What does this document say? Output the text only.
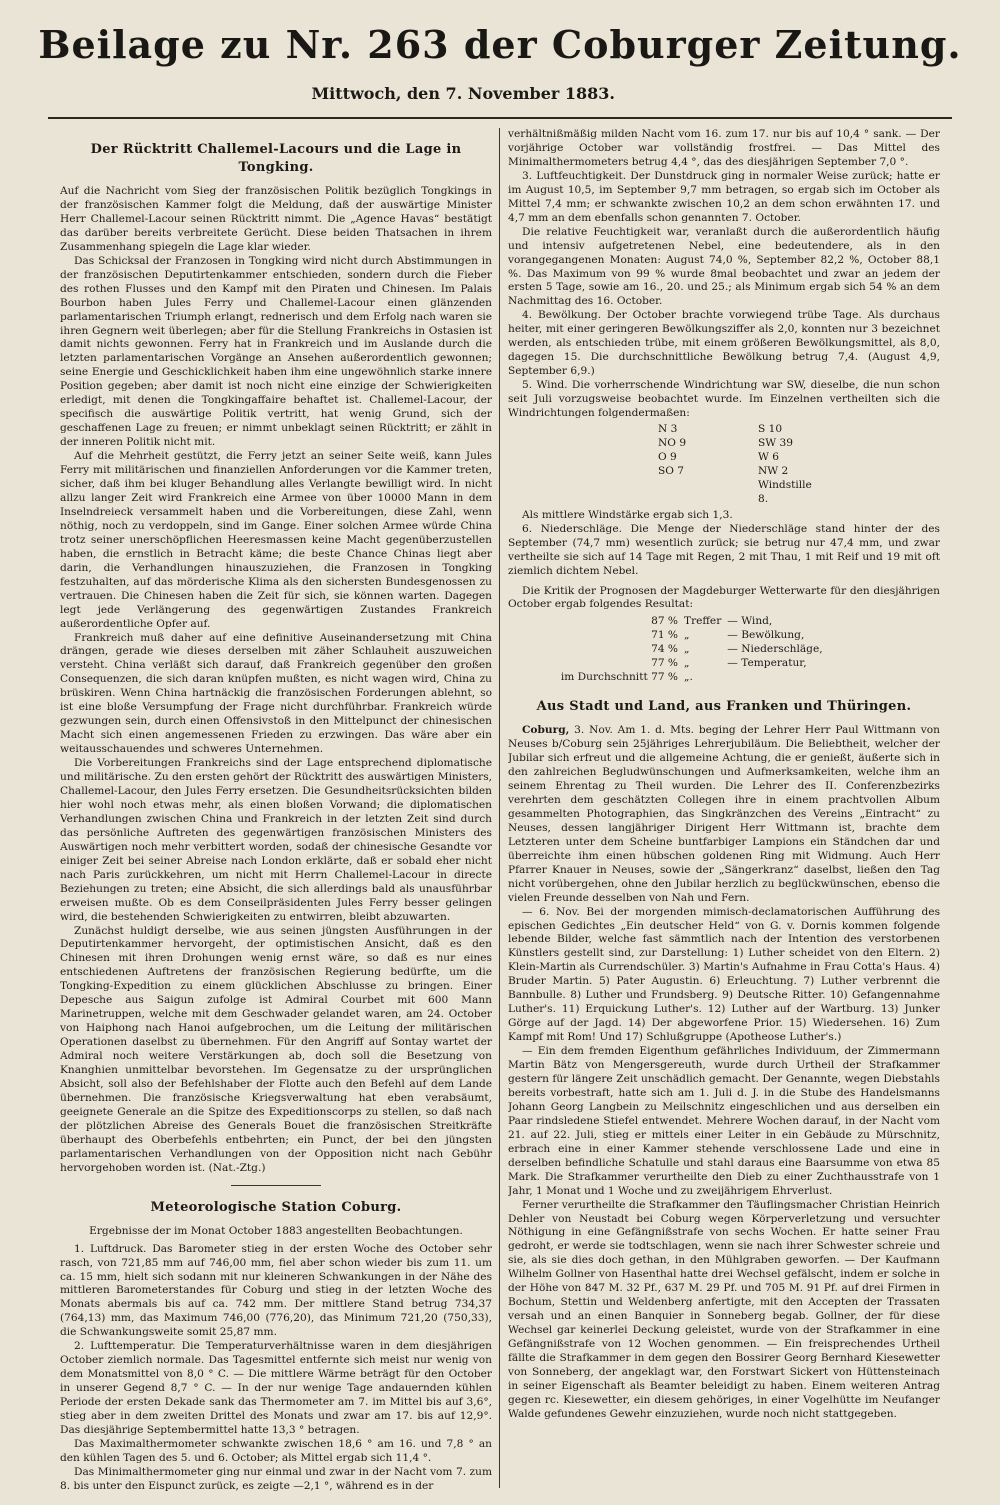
Beilage zu Nr. 263 der Coburger Zeitung.
Mittwoch, den 7. November 1883.
Der Rücktritt Challemel-Lacours und die Lage in Tongking.

Auf die Nachricht vom Sieg der französischen Politik bezüglich Tongkings in der französischen Kammer folgt die Meldung, daß der auswärtige Minister Herr Challemel-Lacour seinen Rücktritt nimmt. Die „Agence Havas“ bestätigt das darüber bereits verbreitete Gerücht. Diese beiden Thatsachen in ihrem Zusammenhang spiegeln die Lage klar wieder.

Das Schicksal der Franzosen in Tongking wird nicht durch Abstimmungen in der französischen Deputirtenkammer entschieden, sondern durch die Fieber des rothen Flusses und den Kampf mit den Piraten und Chinesen. Im Palais Bourbon haben Jules Ferry und Challemel-Lacour einen glänzenden parlamentarischen Triumph erlangt, rednerisch und dem Erfolg nach waren sie ihren Gegnern weit überlegen; aber für die Stellung Frankreichs in Ostasien ist damit nichts gewonnen. Ferry hat in Frankreich und im Auslande durch die letzten parlamentarischen Vorgänge an Ansehen außerordentlich gewonnen; seine Energie und Geschicklichkeit haben ihm eine ungewöhnlich starke innere Position gegeben; aber damit ist noch nicht eine einzige der Schwierigkeiten erledigt, mit denen die Tongkingaffaire behaftet ist. Challemel-Lacour, der specifisch die auswärtige Politik vertritt, hat wenig Grund, sich der geschaffenen Lage zu freuen; er nimmt unbeklagt seinen Rücktritt; er zählt in der inneren Politik nicht mit.

Auf die Mehrheit gestützt, die Ferry jetzt an seiner Seite weiß, kann Jules Ferry mit militärischen und finanziellen Anforderungen vor die Kammer treten, sicher, daß ihm bei kluger Behandlung alles Verlangte bewilligt wird. In nicht allzu langer Zeit wird Frankreich eine Armee von über 10000 Mann in dem Inselndreieck versammelt haben und die Vorbereitungen, diese Zahl, wenn nöthig, noch zu verdoppeln, sind im Gange. Einer solchen Armee würde China trotz seiner unerschöpflichen Heeresmassen keine Macht gegenüberzustellen haben, die ernstlich in Betracht käme; die beste Chance Chinas liegt aber darin, die Verhandlungen hinauszuziehen, die Franzosen in Tongking festzuhalten, auf das mörderische Klima als den sichersten Bundesgenossen zu vertrauen. Die Chinesen haben die Zeit für sich, sie können warten. Dagegen legt jede Verlängerung des gegenwärtigen Zustandes Frankreich außerordentliche Opfer auf.

Frankreich muß daher auf eine definitive Auseinandersetzung mit China drängen, gerade wie dieses derselben mit zäher Schlauheit auszuweichen versteht. China verläßt sich darauf, daß Frankreich gegenüber den großen Consequenzen, die sich daran knüpfen mußten, es nicht wagen wird, China zu brüskiren. Wenn China hartnäckig die französischen Forderungen ablehnt, so ist eine bloße Versumpfung der Frage nicht durchführbar. Frankreich würde gezwungen sein, durch einen Offensivstoß in den Mittelpunct der chinesischen Macht sich einen angemessenen Frieden zu erzwingen. Das wäre aber ein weitausschauendes und schweres Unternehmen.

Die Vorbereitungen Frankreichs sind der Lage entsprechend diplomatische und militärische. Zu den ersten gehört der Rücktritt des auswärtigen Ministers, Challemel-Lacour, den Jules Ferry ersetzen. Die Gesundheitsrücksichten bilden hier wohl noch etwas mehr, als einen bloßen Vorwand; die diplomatischen Verhandlungen zwischen China und Frankreich in der letzten Zeit sind durch das persönliche Auftreten des gegenwärtigen französischen Ministers des Auswärtigen noch mehr verbittert worden, sodaß der chinesische Gesandte vor einiger Zeit bei seiner Abreise nach London erklärte, daß er sobald eher nicht nach Paris zurückkehren, um nicht mit Herrn Challemel-Lacour in directe Beziehungen zu treten; eine Absicht, die sich allerdings bald als unausführbar erweisen mußte. Ob es dem Conseilpräsidenten Jules Ferry besser gelingen wird, die bestehenden Schwierigkeiten zu entwirren, bleibt abzuwarten.

Zunächst huldigt derselbe, wie aus seinen jüngsten Ausführungen in der Deputirtenkammer hervorgeht, der optimistischen Ansicht, daß es den Chinesen mit ihren Drohungen wenig ernst wäre, so daß es nur eines entschiedenen Auftretens der französischen Regierung bedürfte, um die Tongking-Expedition zu einem glücklichen Abschlusse zu bringen. Einer Depesche aus Saigun zufolge ist Admiral Courbet mit 600 Mann Marinetruppen, welche mit dem Geschwader gelandet waren, am 24. October von Haiphong nach Hanoi aufgebrochen, um die Leitung der militärischen Operationen daselbst zu übernehmen. Für den Angriff auf Sontay wartet der Admiral noch weitere Verstärkungen ab, doch soll die Besetzung von Knanghien unmittelbar bevorstehen. Im Gegensatze zu der ursprünglichen Absicht, soll also der Befehlshaber der Flotte auch den Befehl auf dem Lande übernehmen. Die französische Kriegsverwaltung hat eben verabsäumt, geeignete Generale an die Spitze des Expeditionscorps zu stellen, so daß nach der plötzlichen Abreise des Generals Bouet die französischen Streitkräfte überhaupt des Oberbefehls entbehrten; ein Punct, der bei den jüngsten parlamentarischen Verhandlungen von der Opposition nicht nach Gebühr hervorgehoben worden ist. (Nat.-Ztg.)

Meteorologische Station Coburg.
Ergebnisse der im Monat October 1883 angestellten Beobachtungen.

1. Luftdruck. Das Barometer stieg in der ersten Woche des October sehr rasch, von 721,85 mm auf 746,00 mm, fiel aber schon wieder bis zum 11. um ca. 15 mm, hielt sich sodann mit nur kleineren Schwankungen in der Nähe des mittleren Barometerstandes für Coburg und stieg in der letzten Woche des Monats abermals bis auf ca. 742 mm. Der mittlere Stand betrug 734,37 (764,13) mm, das Maximum 746,00 (776,20), das Minimum 721,20 (750,33), die Schwankungsweite somit 25,87 mm.

2. Lufttemperatur. Die Temperaturverhältnisse waren in dem diesjährigen October ziemlich normale. Das Tagesmittel entfernte sich meist nur wenig von dem Monatsmittel von 8,0 ° C. — Die mittlere Wärme beträgt für den October in unserer Gegend 8,7 ° C. — In der nur wenige Tage andauernden kühlen Periode der ersten Dekade sank das Thermometer am 7. im Mittel bis auf 3,6°, stieg aber in dem zweiten Drittel des Monats und zwar am 17. bis auf 12,9°. Das diesjährige Septembermittel hatte 13,3 ° betragen.

Das Maximalthermometer schwankte zwischen 18,6 ° am 16. und 7,8 ° an den kühlen Tagen des 5. und 6. October; als Mittel ergab sich 11,4 °.

Das Minimalthermometer ging nur einmal und zwar in der Nacht vom 7. zum 8. bis unter den Eispunct zurück, es zeigte —2,1 °, während es in der

verhältnißmäßig milden Nacht vom 16. zum 17. nur bis auf 10,4 ° sank. — Der vorjährige October war vollständig frostfrei. — Das Mittel des Minimalthermometers betrug 4,4 °, das des diesjährigen September 7,0 °.

3. Luftfeuchtigkeit. Der Dunstdruck ging in normaler Weise zurück; hatte er im August 10,5, im September 9,7 mm betragen, so ergab sich im October als Mittel 7,4 mm; er schwankte zwischen 10,2 an dem schon erwähnten 17. und 4,7 mm an dem ebenfalls schon genannten 7. October.

Die relative Feuchtigkeit war, veranlaßt durch die außerordentlich häufig und intensiv aufgetretenen Nebel, eine bedeutendere, als in den vorangegangenen Monaten: August 74,0 %, September 82,2 %, October 88,1 %. Das Maximum von 99 % wurde 8mal beobachtet und zwar an jedem der ersten 5 Tage, sowie am 16., 20. und 25.; als Minimum ergab sich 54 % an dem Nachmittag des 16. October.

4. Bewölkung. Der October brachte vorwiegend trübe Tage. Als durchaus heiter, mit einer geringeren Bewölkungsziffer als 2,0, konnten nur 3 bezeichnet werden, als entschieden trübe, mit einem größeren Bewölkungsmittel, als 8,0, dagegen 15. Die durchschnittliche Bewölkung betrug 7,4. (August 4,9, September 6,9.)

5. Wind. Die vorherrschende Windrichtung war SW, dieselbe, die nun schon seit Juli vorzugsweise beobachtet wurde. Im Einzelnen vertheilten sich die Windrichtungen folgendermaßen:

N 3	S 10
NO 9	SW 39
O 9	W 6
SO 7	NW 2
	Windstille 8.

Als mittlere Windstärke ergab sich 1,3.

6. Niederschläge. Die Menge der Niederschläge stand hinter der des September (74,7 mm) wesentlich zurück; sie betrug nur 47,4 mm, und zwar vertheilte sie sich auf 14 Tage mit Regen, 2 mit Thau, 1 mit Reif und 19 mit oft ziemlich dichtem Nebel.

Die Kritik der Prognosen der Magdeburger Wetterwarte für den diesjährigen October ergab folgendes Resultat:

87 %	Treffer	— Wind,
71 %	„	— Bewölkung,
74 %	„	— Niederschläge,
77 %	„	— Temperatur,
im Durchschnitt 77 %	„.	
Aus Stadt und Land, aus Franken und Thüringen.

Coburg, 3. Nov. Am 1. d. Mts. beging der Lehrer Herr Paul Wittmann von Neuses b/Coburg sein 25jähriges Lehrerjubiläum. Die Beliebtheit, welcher der Jubilar sich erfreut und die allgemeine Achtung, die er genießt, äußerte sich in den zahlreichen Begludwünschungen und Aufmerksamkeiten, welche ihm an seinem Ehrentag zu Theil wurden. Die Lehrer des II. Conferenzbezirks verehrten dem geschätzten Collegen ihre in einem prachtvollen Album gesammelten Photographien, das Singkränzchen des Vereins „Eintracht“ zu Neuses, dessen langjähriger Dirigent Herr Wittmann ist, brachte dem Letzteren unter dem Scheine buntfarbiger Lampions ein Ständchen dar und überreichte ihm einen hübschen goldenen Ring mit Widmung. Auch Herr Pfarrer Knauer in Neuses, sowie der „Sängerkranz“ daselbst, ließen den Tag nicht vorübergehen, ohne den Jubilar herzlich zu beglückwünschen, ebenso die vielen Freunde desselben von Nah und Fern.

— 6. Nov. Bei der morgenden mimisch-declamatorischen Aufführung des epischen Gedichtes „Ein deutscher Held“ von G. v. Dornis kommen folgende lebende Bilder, welche fast sämmtlich nach der Intention des verstorbenen Künstlers gestellt sind, zur Darstellung: 1) Luther scheidet von den Eltern. 2) Klein-Martin als Currendschüler. 3) Martin's Aufnahme in Frau Cotta's Haus. 4) Bruder Martin. 5) Pater Augustin. 6) Erleuchtung. 7) Luther verbrennt die Bannbulle. 8) Luther und Frundsberg. 9) Deutsche Ritter. 10) Gefangennahme Luther's. 11) Erquickung Luther's. 12) Luther auf der Wartburg. 13) Junker Görge auf der Jagd. 14) Der abgeworfene Prior. 15) Wiedersehen. 16) Zum Kampf mit Rom! Und 17) Schlußgruppe (Apotheose Luther's.)

— Ein dem fremden Eigenthum gefährliches Individuum, der Zimmermann Martin Bätz von Mengersgereuth, wurde durch Urtheil der Strafkammer gestern für längere Zeit unschädlich gemacht. Der Genannte, wegen Diebstahls bereits vorbestraft, hatte sich am 1. Juli d. J. in die Stube des Handelsmanns Johann Georg Langbein zu Meilschnitz eingeschlichen und aus derselben ein Paar rindsledene Stiefel entwendet. Mehrere Wochen darauf, in der Nacht vom 21. auf 22. Juli, stieg er mittels einer Leiter in ein Gebäude zu Mürschnitz, erbrach eine in einer Kammer stehende verschlossene Lade und eine in derselben befindliche Schatulle und stahl daraus eine Baarsumme von etwa 85 Mark. Die Strafkammer verurtheilte den Dieb zu einer Zuchthausstrafe von 1 Jahr, 1 Monat und 1 Woche und zu zweijährigem Ehrverlust.

Ferner verurtheilte die Strafkammer den Täuflingsmacher Christian Heinrich Dehler von Neustadt bei Coburg wegen Körperverletzung und versuchter Nöthigung in eine Gefängnißstrafe von sechs Wochen. Er hatte seiner Frau gedroht, er werde sie todtschlagen, wenn sie nach ihrer Schwester schreie und sie, als sie dies doch gethan, in den Mühlgraben geworfen. — Der Kaufmann Wilhelm Gollner von Hasenthal hatte drei Wechsel gefälscht, indem er solche in der Höhe von 847 M. 32 Pf., 637 M. 29 Pf. und 705 M. 91 Pf. auf drei Firmen in Bochum, Stettin und Weldenberg anfertigte, mit den Accepten der Trassaten versah und an einen Banquier in Sonneberg begab. Gollner, der für diese Wechsel gar keinerlei Deckung geleistet, wurde von der Strafkammer in eine Gefängnißstrafe von 12 Wochen genommen. — Ein freisprechendes Urtheil fällte die Strafkammer in dem gegen den Bossirer Georg Bernhard Kiesewetter von Sonneberg, der angeklagt war, den Forstwart Sickert von Hüttensteinach in seiner Eigenschaft als Beamter beleidigt zu haben. Einem weiteren Antrag gegen rc. Kiesewetter, ein diesem gehöriges, in einer Vogelhütte im Neufanger Walde gefundenes Gewehr einzuziehen, wurde noch nicht stattgegeben.
